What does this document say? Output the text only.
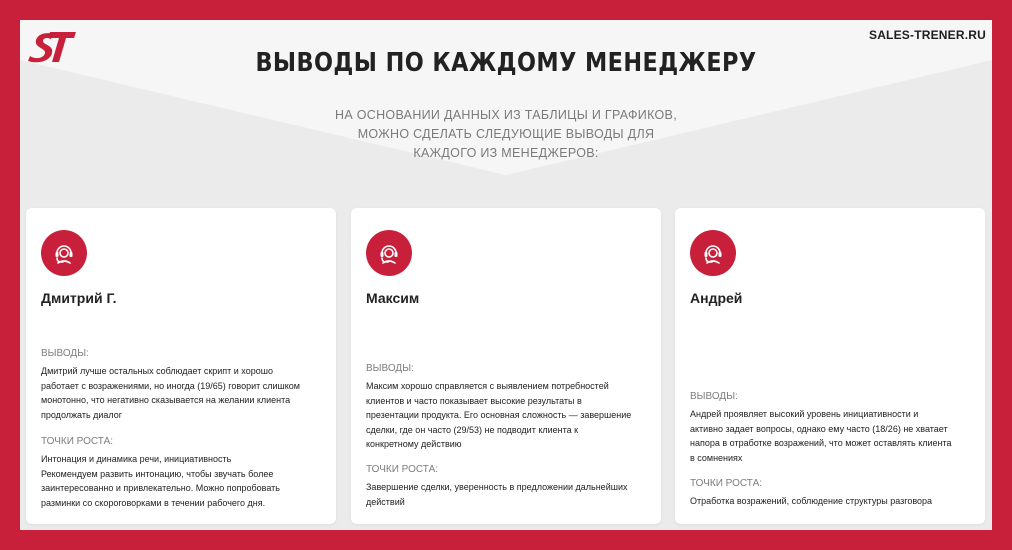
SALES-TRENER.RU
ВЫВОДЫ ПО КАЖДОМУ МЕНЕДЖЕРУ
НА ОСНОВАНИИ ДАННЫХ ИЗ ТАБЛИЦЫ И ГРАФИКОВ,
МОЖНО СДЕЛАТЬ СЛЕДУЮЩИЕ ВЫВОДЫ ДЛЯ
КАЖДОГО ИЗ МЕНЕДЖЕРОВ:
Дмитрий Г.
ВЫВОДЫ:
Дмитрий лучше остальных соблюдает скрипт и хорошо
работает с возражениями, но иногда (19/65) говорит слишком
монотонно, что негативно сказывается на желании клиента
продолжать диалог
ТОЧКИ РОСТА:
Интонация и динамика речи, инициативность
Рекомендуем развить интонацию, чтобы звучать более
заинтересованно и привлекательно. Можно попробовать
разминки со скороговорками в течении рабочего дня.
Максим
ВЫВОДЫ:
Максим хорошо справляется с выявлением потребностей
клиентов и часто показывает высокие результаты в
презентации продукта. Его основная сложность — завершение
сделки, где он часто (29/53) не подводит клиента к
конкретному действию
ТОЧКИ РОСТА:
Завершение сделки, уверенность в предложении дальнейших
действий
Андрей
ВЫВОДЫ:
Андрей проявляет высокий уровень инициативности и
активно задает вопросы, однако ему часто (18/26) не хватает
напора в отработке возражений, что может оставлять клиента
в сомнениях
ТОЧКИ РОСТА:
Отработка возражений, соблюдение структуры разговора
